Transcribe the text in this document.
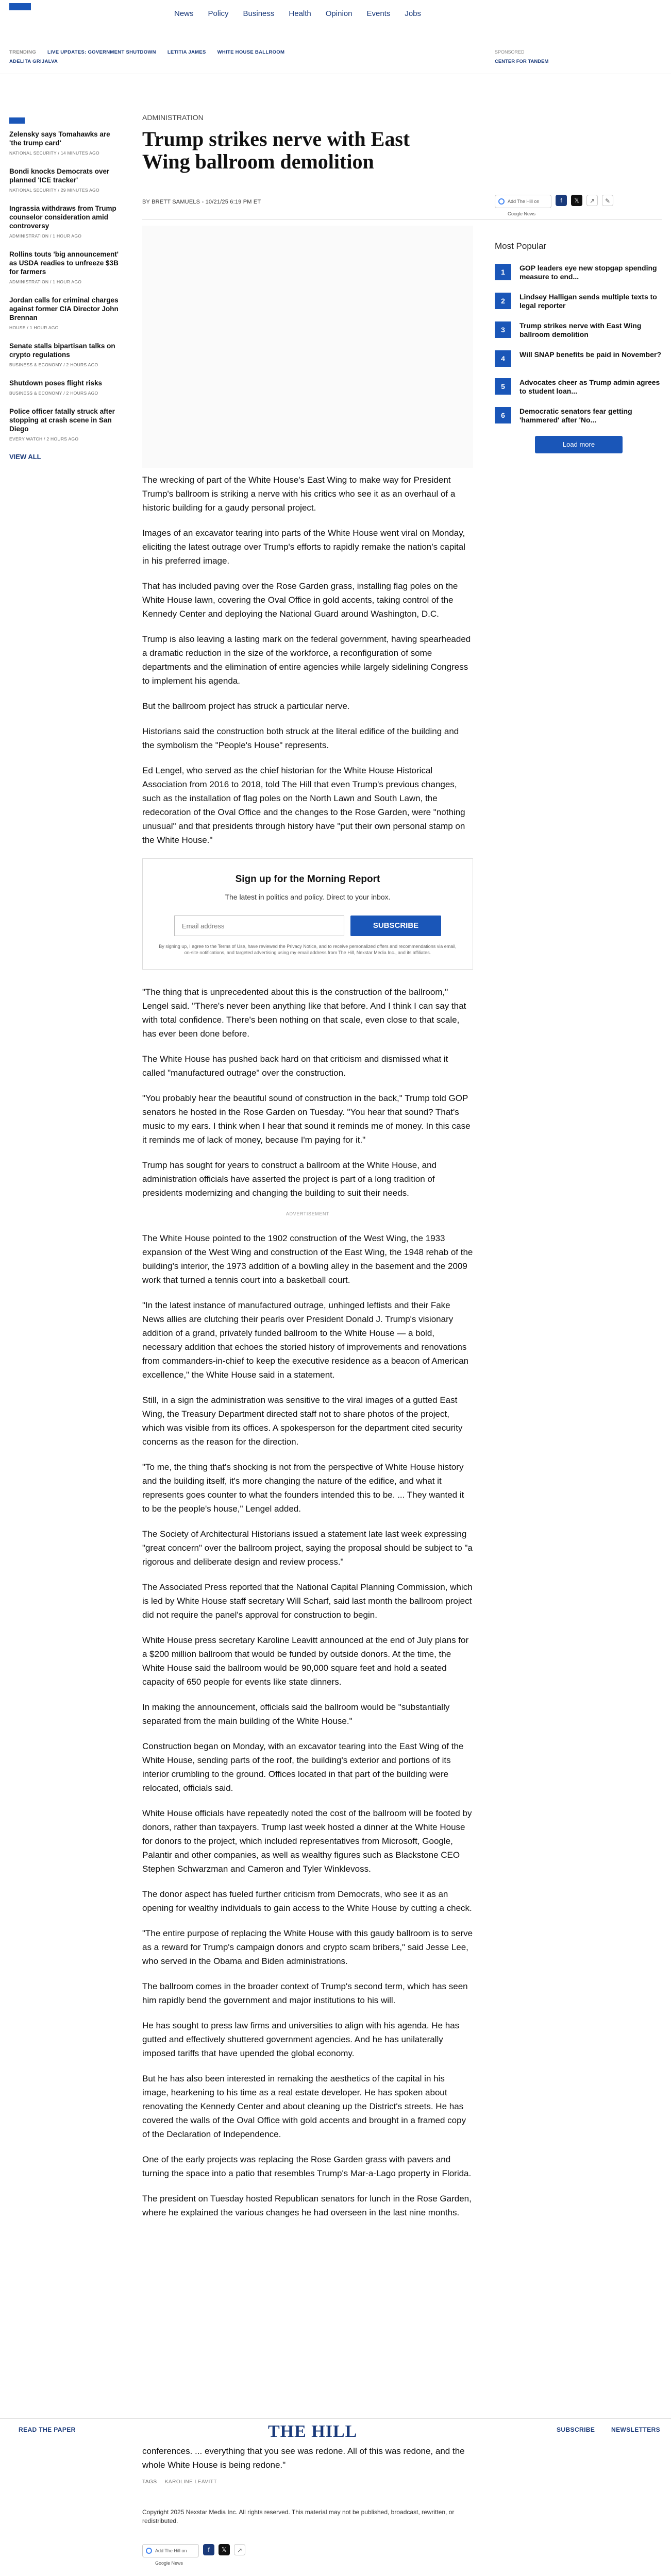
News Policy Business Health Opinion Events Jobs
TRENDING LIVE UPDATES: GOVERNMENT SHUTDOWN LETITIA JAMES WHITE HOUSE BALLROOM
ADELITA GRIJALVA
SPONSORED
CENTER FOR TANDEM
Zelensky says Tomahawks are 'the trump card'
NATIONAL SECURITY / 14 MINUTES AGO
Bondi knocks Democrats over planned 'ICE tracker'
NATIONAL SECURITY / 29 MINUTES AGO
Ingrassia withdraws from Trump counselor consideration amid controversy
ADMINISTRATION / 1 HOUR AGO
Rollins touts 'big announcement' as USDA readies to unfreeze $3B for farmers
ADMINISTRATION / 1 HOUR AGO
Jordan calls for criminal charges against former CIA Director John Brennan
HOUSE / 1 HOUR AGO
Senate stalls bipartisan talks on crypto regulations
BUSINESS & ECONOMY / 2 HOURS AGO
Shutdown poses flight risks
BUSINESS & ECONOMY / 2 HOURS AGO
Police officer fatally struck after stopping at crash scene in San Diego
EVERY WATCH / 2 HOURS AGO
VIEW ALL
ADMINISTRATION
Trump strikes nerve with East Wing ballroom demolition
BY BRETT SAMUELS - 10/21/25 6:19 PM ET	Add The Hill on Google News
f	𝕏	↗	✎
Most Popular
1	GOP leaders eye new stopgap spending measure to end...
2	Lindsey Halligan sends multiple texts to legal reporter
3	Trump strikes nerve with East Wing ballroom demolition
4	Will SNAP benefits be paid in November?
5	Advocates cheer as Trump admin agrees to student loan...
6	Democratic senators fear getting 'hammered' after 'No...
Load more

The wrecking of part of the White House's East Wing to make way for President Trump's ballroom is striking a nerve with his critics who see it as an overhaul of a historic building for a gaudy personal project.

Images of an excavator tearing into parts of the White House went viral on Monday, eliciting the latest outrage over Trump's efforts to rapidly remake the nation's capital in his preferred image.

That has included paving over the Rose Garden grass, installing flag poles on the White House lawn, covering the Oval Office in gold accents, taking control of the Kennedy Center and deploying the National Guard around Washington, D.C.

Trump is also leaving a lasting mark on the federal government, having spearheaded a dramatic reduction in the size of the workforce, a reconfiguration of some departments and the elimination of entire agencies while largely sidelining Congress to implement his agenda.

But the ballroom project has struck a particular nerve.

Historians said the construction both struck at the literal edifice of the building and the symbolism the "People's House" represents.

Ed Lengel, who served as the chief historian for the White House Historical Association from 2016 to 2018, told The Hill that even Trump's previous changes, such as the installation of flag poles on the North Lawn and South Lawn, the redecoration of the Oval Office and the changes to the Rose Garden, were "nothing unusual" and that presidents through history have "put their own personal stamp on the White House."

Sign up for the Morning Report
The latest in politics and policy. Direct to your inbox.
Email address
SUBSCRIBE
By signing up, I agree to the Terms of Use, have reviewed the Privacy Notice, and to receive personalized offers and recommendations via email, on-site notifications, and targeted advertising using my email address from The Hill, Nexstar Media Inc., and its affiliates.

"The thing that is unprecedented about this is the construction of the ballroom," Lengel said. "There's never been anything like that before. And I think I can say that with total confidence. There's been nothing on that scale, even close to that scale, has ever been done before.

The White House has pushed back hard on that criticism and dismissed what it called "manufactured outrage" over the construction.

"You probably hear the beautiful sound of construction in the back," Trump told GOP senators he hosted in the Rose Garden on Tuesday. "You hear that sound? That's music to my ears. I think when I hear that sound it reminds me of money. In this case it reminds me of lack of money, because I'm paying for it."

Trump has sought for years to construct a ballroom at the White House, and administration officials have asserted the project is part of a long tradition of presidents modernizing and changing the building to suit their needs.

ADVERTISEMENT

The White House pointed to the 1902 construction of the West Wing, the 1933 expansion of the West Wing and construction of the East Wing, the 1948 rehab of the building's interior, the 1973 addition of a bowling alley in the basement and the 2009 work that turned a tennis court into a basketball court.

"In the latest instance of manufactured outrage, unhinged leftists and their Fake News allies are clutching their pearls over President Donald J. Trump's visionary addition of a grand, privately funded ballroom to the White House — a bold, necessary addition that echoes the storied history of improvements and renovations from commanders-in-chief to keep the executive residence as a beacon of American excellence," the White House said in a statement.

Still, in a sign the administration was sensitive to the viral images of a gutted East Wing, the Treasury Department directed staff not to share photos of the project, which was visible from its offices. A spokesperson for the department cited security concerns as the reason for the direction.

"To me, the thing that's shocking is not from the perspective of White House history and the building itself, it's more changing the nature of the edifice, and what it represents goes counter to what the founders intended this to be. ... They wanted it to be the people's house," Lengel added.

The Society of Architectural Historians issued a statement late last week expressing "great concern" over the ballroom project, saying the proposal should be subject to "a rigorous and deliberate design and review process."

The Associated Press reported that the National Capital Planning Commission, which is led by White House staff secretary Will Scharf, said last month the ballroom project did not require the panel's approval for construction to begin.

White House press secretary Karoline Leavitt announced at the end of July plans for a $200 million ballroom that would be funded by outside donors. At the time, the White House said the ballroom would be 90,000 square feet and hold a seated capacity of 650 people for events like state dinners.

In making the announcement, officials said the ballroom would be "substantially separated from the main building of the White House."

Construction began on Monday, with an excavator tearing into the East Wing of the White House, sending parts of the roof, the building's exterior and portions of its interior crumbling to the ground. Offices located in that part of the building were relocated, officials said.

White House officials have repeatedly noted the cost of the ballroom will be footed by donors, rather than taxpayers. Trump last week hosted a dinner at the White House for donors to the project, which included representatives from Microsoft, Google, Palantir and other companies, as well as wealthy figures such as Blackstone CEO Stephen Schwarzman and Cameron and Tyler Winklevoss.

The donor aspect has fueled further criticism from Democrats, who see it as an opening for wealthy individuals to gain access to the White House by cutting a check.

"The entire purpose of replacing the White House with this gaudy ballroom is to serve as a reward for Trump's campaign donors and crypto scam bribers," said Jesse Lee, who served in the Obama and Biden administrations.

The ballroom comes in the broader context of Trump's second term, which has seen him rapidly bend the government and major institutions to his will.

He has sought to press law firms and universities to align with his agenda. He has gutted and effectively shuttered government agencies. And he has unilaterally imposed tariffs that have upended the global economy.

But he has also been interested in remaking the aesthetics of the capital in his image, hearkening to his time as a real estate developer. He has spoken about renovating the Kennedy Center and about cleaning up the District's streets. He has covered the walls of the Oval Office with gold accents and brought in a framed copy of the Declaration of Independence.

One of the early projects was replacing the Rose Garden grass with pavers and turning the space into a patio that resembles Trump's Mar-a-Lago property in Florida.

The president on Tuesday hosted Republican senators for lunch in the Rose Garden, where he explained the various changes he had overseen in the last nine months.

READ THE PAPER	THE HILL	SUBSCRIBE	NEWSLETTERS

conferences. ... everything that you see was redone. All of this was redone, and the whole White House is being redone."

TAGS KAROLINE LEAVITT
Copyright 2025 Nexstar Media Inc. All rights reserved. This material may not be published, broadcast, rewritten, or redistributed.
Add The Hill on Google News
f	𝕏	↗
